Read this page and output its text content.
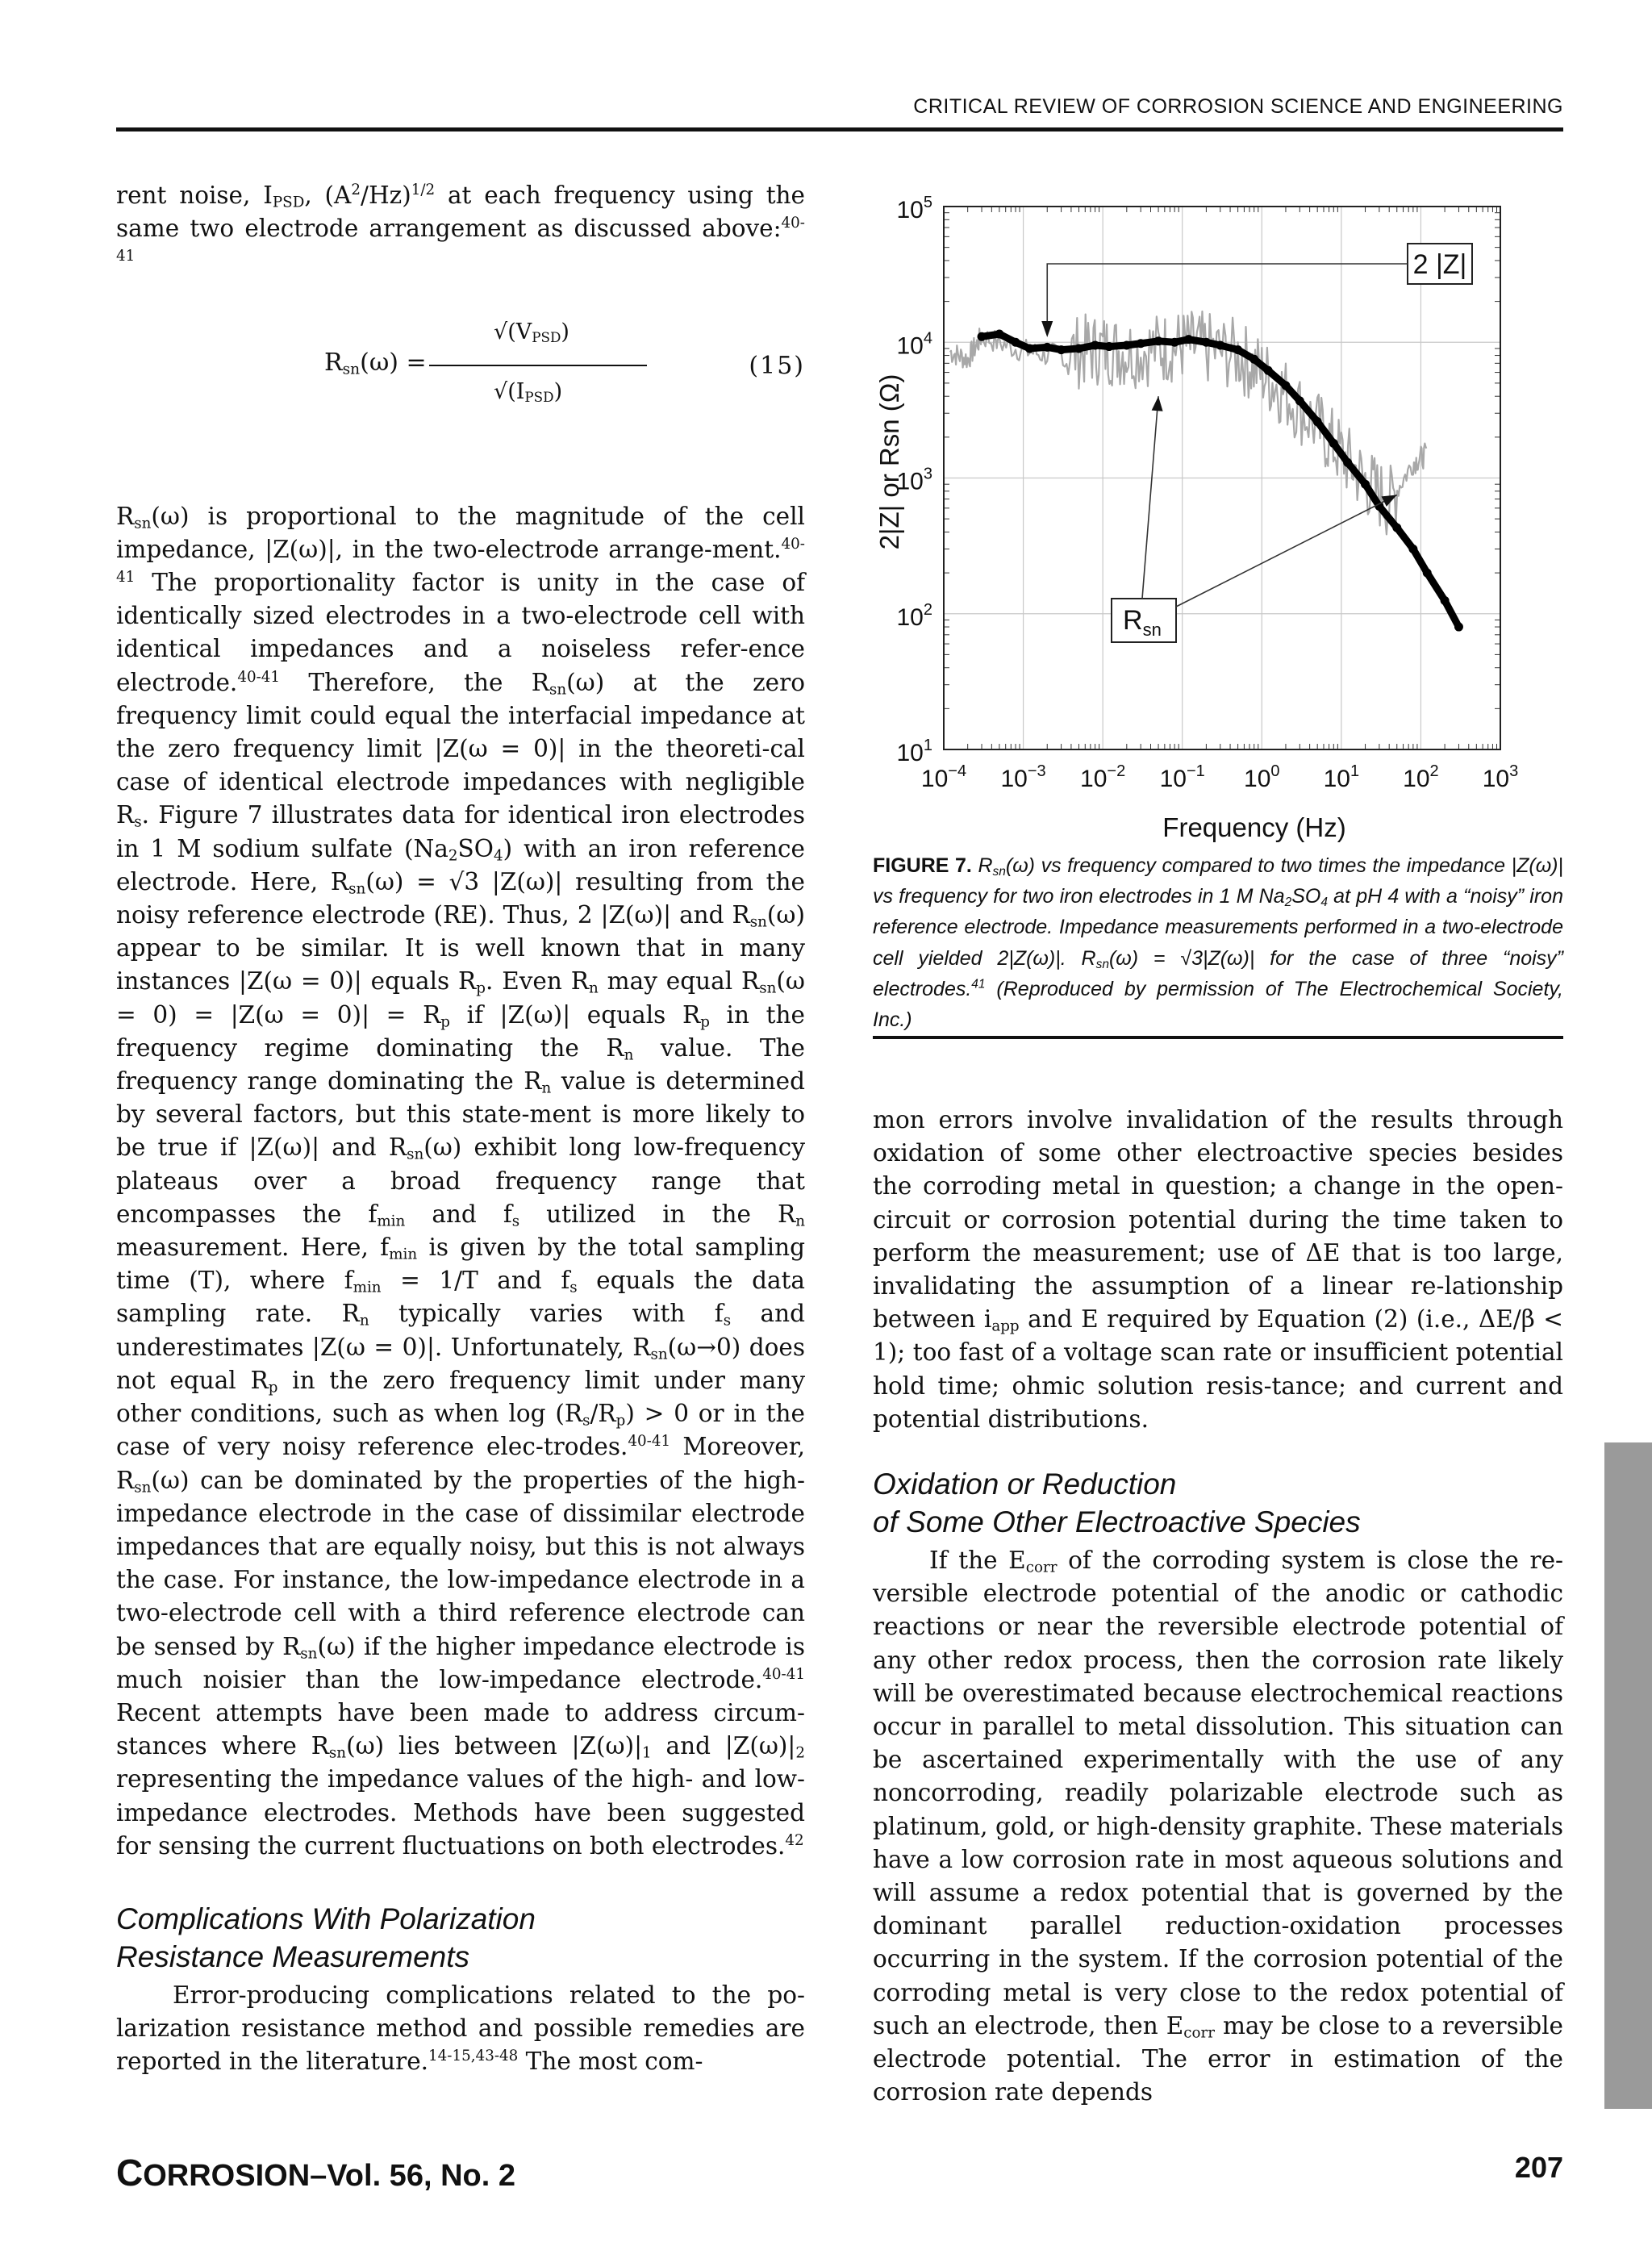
CRITICAL REVIEW OF CORROSION SCIENCE AND ENGINEERING

rent noise, $I_{PSD}$, $(A^2/Hz)^{1/2}$ at each frequency using the same two electrode arrangement as discussed above:$^{40-41}$

$R_{sn}(\omega)$ =
$√(V_{PSD})$
$√(I_{PSD})$
(15)

$R_{sn}(\omega)$ is proportional to the magnitude of the cell impedance, |Z(ω)|, in the two-electrode arrange-ment.$^{40-41}$ The proportionality factor is unity in the case of identically sized electrodes in a two-electrode cell with identical impedances and a noiseless refer-ence electrode.$^{40-41}$ Therefore, the $R_{sn}(\omega)$ at the zero frequency limit could equal the interfacial impedance at the zero frequency limit |Z(ω = 0)| in the theoreti-cal case of identical electrode impedances with negligible $R_s$. Figure 7 illustrates data for identical iron electrodes in 1 M sodium sulfate $(Na_2SO_4)$ with an iron reference electrode. Here, $R_{sn}(\omega) = √3$ |Z(ω)| resulting from the noisy reference electrode (RE). Thus, 2 |Z(ω)| and $R_{sn}(\omega)$ appear to be similar. It is well known that in many instances |Z(ω = 0)| equals $R_p$. Even $R_n$ may equal $R_{sn}(\omega = 0) = |Z(\omega = 0)| = R_p$ if |Z(ω)| equals $R_p$ in the frequency regime dominating the $R_n$ value. The frequency range dominating the $R_n$ value is determined by several factors, but this state-ment is more likely to be true if |Z(ω)| and $R_{sn}(\omega)$ exhibit long low-frequency plateaus over a broad frequency range that encompasses the $f_{min}$ and $f_s$ utilized in the $R_n$ measurement. Here, $f_{min}$ is given by the total sampling time (T), where $f_{min} = 1/T$ and $f_s$ equals the data sampling rate. $R_n$ typically varies with $f_s$ and underestimates |Z(ω = 0)|. Unfortunately, $R_{sn}(\omega\to 0)$ does not equal $R_p$ in the zero frequency limit under many other conditions, such as when $\log (R_s/R_p) > 0$ or in the case of very noisy reference elec-trodes.$^{40-41}$ Moreover, $R_{sn}(\omega)$ can be dominated by the properties of the high-impedance electrode in the case of dissimilar electrode impedances that are equally noisy, but this is not always the case. For instance, the low-impedance electrode in a two-electrode cell with a third reference electrode can be sensed by $R_{sn}(\omega)$ if the higher impedance electrode is much noisier than the low-impedance electrode.$^{40-41}$ Recent attempts have been made to address circum-stances where $R_{sn}(\omega)$ lies between $|Z(\omega)|_1$ and $|Z(\omega)|_2$ representing the impedance values of the high- and low-impedance electrodes. Methods have been suggested for sensing the current fluctuations on both electrodes.$^{42}$

Complications With Polarization
Resistance Measurements

Error-producing complications related to the po-larization resistance method and possible remedies are reported in the literature.$^{14-15,43-48}$ The most com-

$10^{-4}$ $10^{-3}$ $10^{-2}$ $10^{-1}$ $10^0$ $10^1$ $10^2$ $10^3$
$10^1$
$10^2$
$10^3$
$10^4$
$10^5$
Frequency (Hz)
2|Z| or Rsn (Ω)
2 |Z|
$R_{sn}$
FIGURE 7. $R_{sn}(\omega)$ vs frequency compared to two times the impedance |Z(ω)| vs frequency for two iron electrodes in 1 M $Na_2SO_4$ at pH 4 with a “noisy” iron reference electrode. Impedance measurements performed in a two-electrode cell yielded 2|Z(ω)|. $R_{sn}(\omega) = √3|Z(\omega)|$ for the case of three “noisy” electrodes.$^{41}$ (Reproduced by permission of The Electrochemical Society, Inc.)

mon errors involve invalidation of the results through oxidation of some other electroactive species besides the corroding metal in question; a change in the open-circuit or corrosion potential during the time taken to perform the measurement; use of ΔE that is too large, invalidating the assumption of a linear re-lationship between $i_{app}$ and E required by Equation (2) (i.e., ΔE/β < 1); too fast of a voltage scan rate or insufficient potential hold time; ohmic solution resis-tance; and current and potential distributions.

Oxidation or Reduction
of Some Other Electroactive Species

If the $E_{corr}$ of the corroding system is close the re-versible electrode potential of the anodic or cathodic reactions or near the reversible electrode potential of any other redox process, then the corrosion rate likely will be overestimated because electrochemical reactions occur in parallel to metal dissolution. This situation can be ascertained experimentally with the use of any noncorroding, readily polarizable electrode such as platinum, gold, or high-density graphite. These materials have a low corrosion rate in most aqueous solutions and will assume a redox potential that is governed by the dominant parallel reduction-oxidation processes occurring in the system. If the corrosion potential of the corroding metal is very close to the redox potential of such an electrode, then $E_{corr}$ may be close to a reversible electrode potential. The error in estimation of the corrosion rate depends

CORROSION–Vol. 56, No. 2	207
